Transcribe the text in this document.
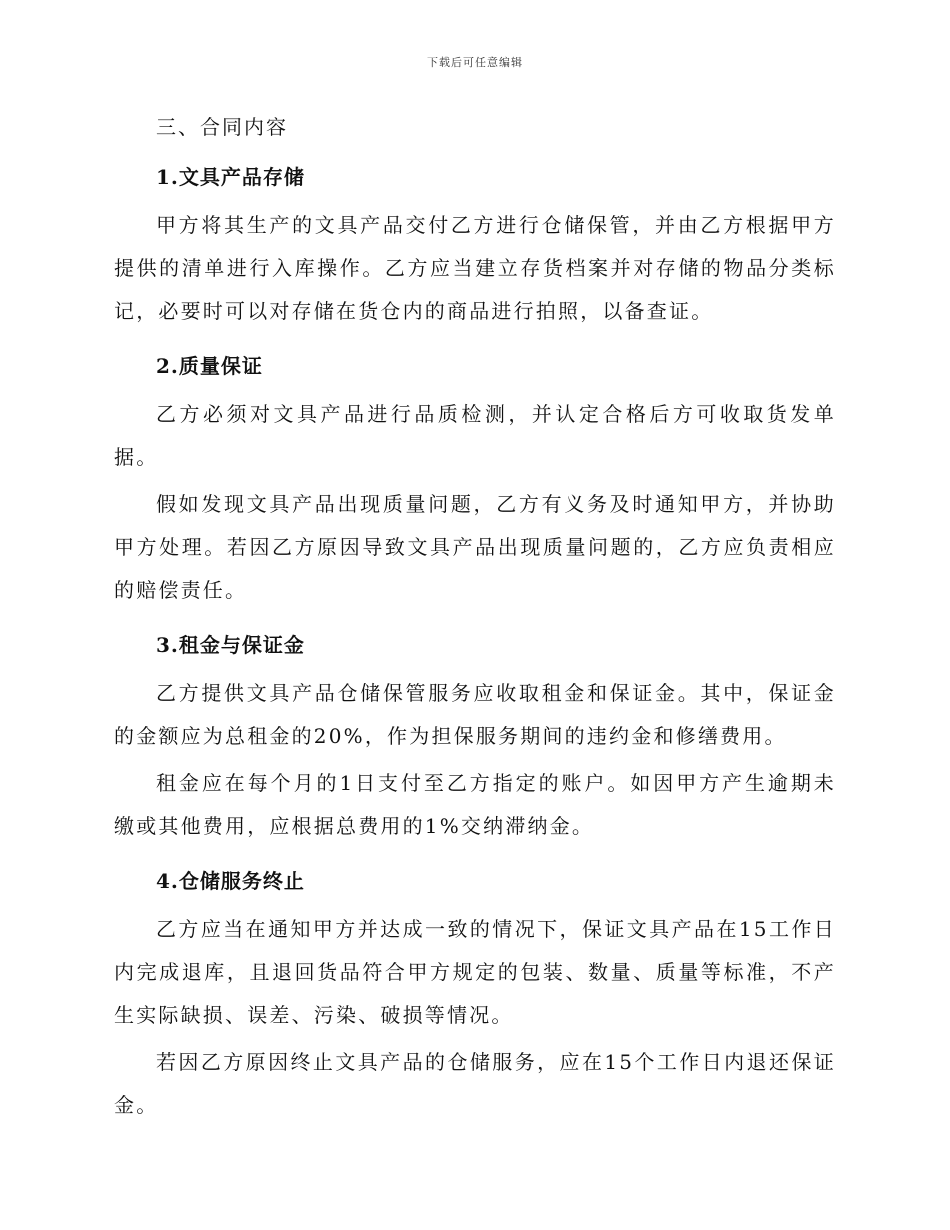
下载后可任意编辑
三、合同内容
1.文具产品存储
甲方将其生产的文具产品交付乙方进行仓储保管，并由乙方根据甲方提供的清单进行入库操作。乙方应当建立存货档案并对存储的物品分类标记，必要时可以对存储在货仓内的商品进行拍照，以备查证。
2.质量保证
乙方必须对文具产品进行品质检测，并认定合格后方可收取货发单据。
假如发现文具产品出现质量问题，乙方有义务及时通知甲方，并协助甲方处理。若因乙方原因导致文具产品出现质量问题的，乙方应负责相应的赔偿责任。
3.租金与保证金
乙方提供文具产品仓储保管服务应收取租金和保证金。其中，保证金的金额应为总租金的20%，作为担保服务期间的违约金和修缮费用。
租金应在每个月的1日支付至乙方指定的账户。如因甲方产生逾期未缴或其他费用，应根据总费用的1%交纳滞纳金。
4.仓储服务终止
乙方应当在通知甲方并达成一致的情况下，保证文具产品在15工作日内完成退库，且退回货品符合甲方规定的包装、数量、质量等标准，不产生实际缺损、误差、污染、破损等情况。
若因乙方原因终止文具产品的仓储服务，应在15个工作日内退还保证金。
